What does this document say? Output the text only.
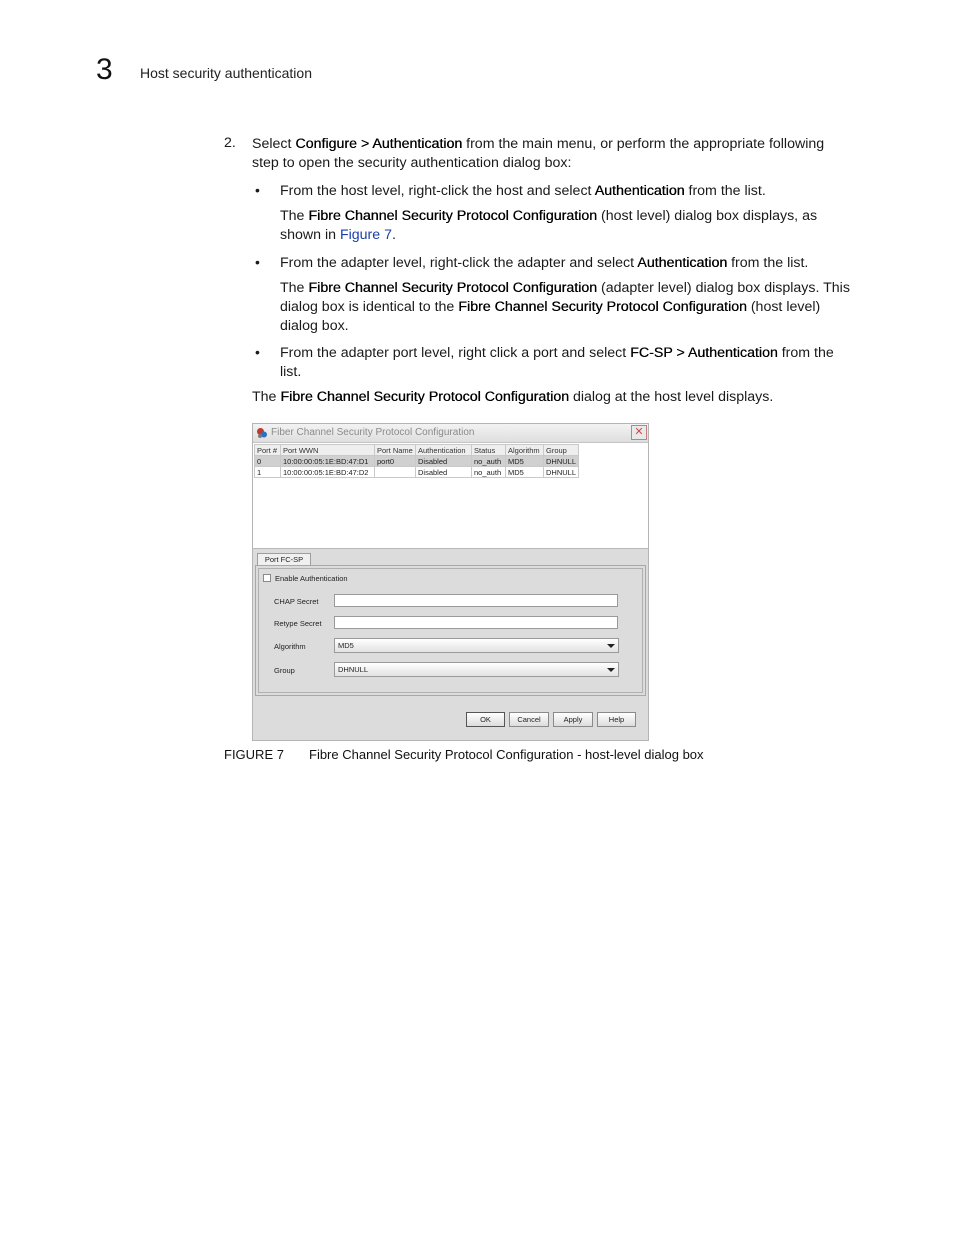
3 Host security authentication
2. Select Configure > Authentication from the main menu, or perform the appropriate following
step to open the security authentication dialog box:
• From the host level, right-click the host and select Authentication from the list.
The Fibre Channel Security Protocol Configuration (host level) dialog box displays, as
shown in Figure 7.
• From the adapter level, right-click the adapter and select Authentication from the list.
The Fibre Channel Security Protocol Configuration (adapter level) dialog box displays. This
dialog box is identical to the Fibre Channel Security Protocol Configuration (host level)
dialog box.
• From the adapter port level, right click a port and select FC-SP > Authentication from the
list.
The Fibre Channel Security Protocol Configuration dialog at the host level displays.
Fiber Channel Security Protocol Configuration	✕
Port #	Port WWN	Port Name	Authentication	Status	Algorithm	Group
0	10:00:00:05:1E:BD:47:D1	port0	Disabled	no_auth	MD5	DHNULL
1	10:00:00:05:1E:BD:47:D2		Disabled	no_auth	MD5	DHNULL
Port FC-SP
Enable Authentication
CHAP Secret
Retype Secret
Algorithm	MD5
Group	DHNULL
OK	Cancel	Apply	Help
FIGURE 7 Fibre Channel Security Protocol Configuration - host-level dialog box
